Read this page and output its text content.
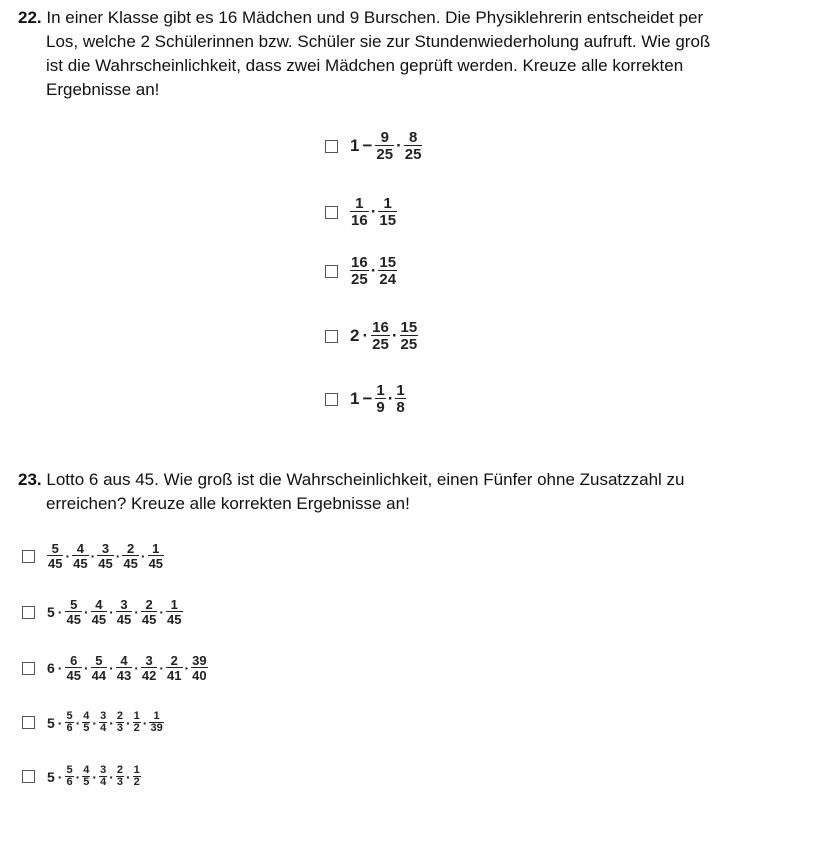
22. In einer Klasse gibt es 16 Mädchen und 9 Burschen. Die Physiklehrerin entscheidet per
Los, welche 2 Schülerinnen bzw. Schüler sie zur Stundenwiederholung aufruft. Wie groß
ist die Wahrscheinlichkeit, dass zwei Mädchen geprüft werden. Kreuze alle korrekten
Ergebnisse an!
$1 - \frac{9}{25} \cdot \frac{8}{25}$
$\frac{1}{16} \cdot \frac{1}{15}$
$\frac{16}{25} \cdot \frac{15}{24}$
$2 \cdot \frac{16}{25} \cdot \frac{15}{25}$
$1 - \frac{1}{9} \cdot \frac{1}{8}$
23. Lotto 6 aus 45. Wie groß ist die Wahrscheinlichkeit, einen Fünfer ohne Zusatzzahl zu
erreichen? Kreuze alle korrekten Ergebnisse an!
$\frac{5}{45} \cdot \frac{4}{45} \cdot \frac{3}{45} \cdot \frac{2}{45} \cdot \frac{1}{45}$
$5 \cdot \frac{5}{45} \cdot \frac{4}{45} \cdot \frac{3}{45} \cdot \frac{2}{45} \cdot \frac{1}{45}$
$6 \cdot \frac{6}{45} \cdot \frac{5}{44} \cdot \frac{4}{43} \cdot \frac{3}{42} \cdot \frac{2}{41} \cdot \frac{39}{40}$
$5 \cdot \frac{5}{6} \cdot \frac{4}{5} \cdot \frac{3}{4} \cdot \frac{2}{3} \cdot \frac{1}{2} \cdot \frac{1}{39}$
$5 \cdot \frac{5}{6} \cdot \frac{4}{5} \cdot \frac{3}{4} \cdot \frac{2}{3} \cdot \frac{1}{2}$
